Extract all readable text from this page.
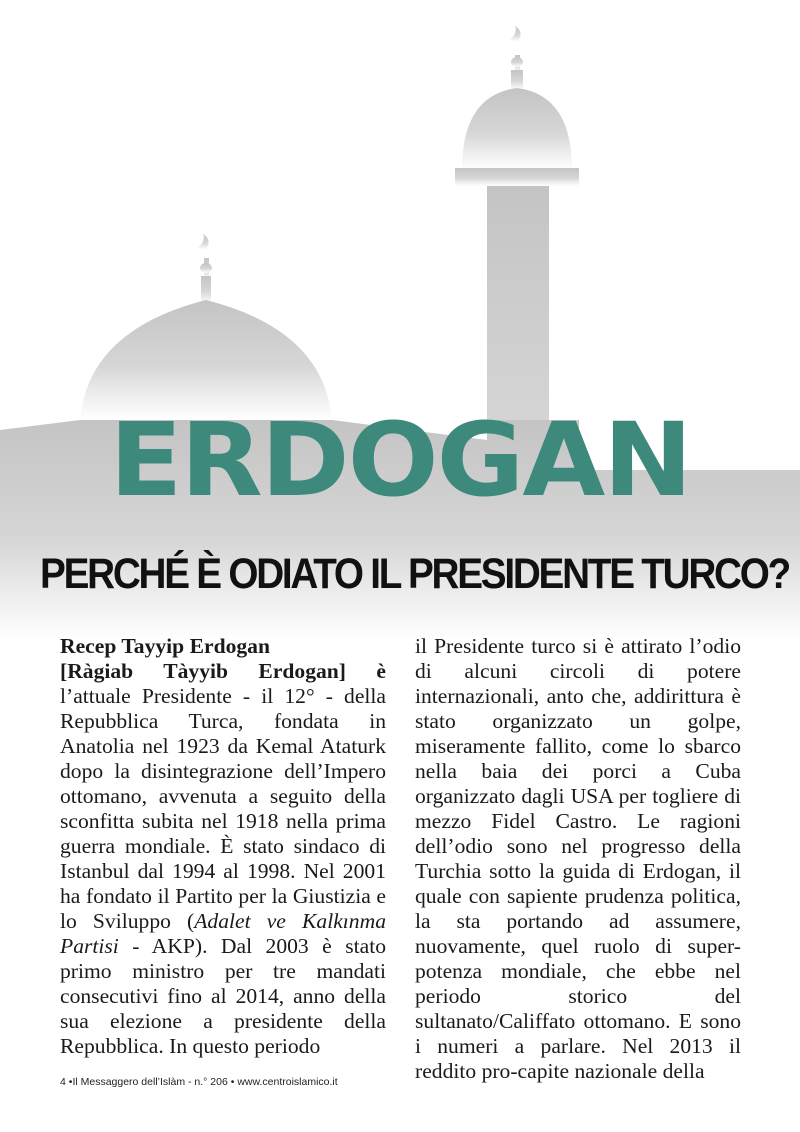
ERDOGAN
PERCHÉ È ODIATO IL PRESIDENTE TURCO?

Recep Tayyip Erdogan
[Ràgiab Tàyyib Erdogan] è l’attuale Presidente - il 12° - della Repubblica Turca, fondata in Anatolia nel 1923 da Kemal Ataturk dopo la disintegrazione dell’Impero ottomano, avvenuta a seguito della sconfitta subita nel 1918 nella prima guerra mondiale. È stato sindaco di Istanbul dal 1994 al 1998. Nel 2001 ha fondato il Partito per la Giustizia e lo Sviluppo (Adalet ve Kalkınma Partisi - AKP). Dal 2003 è stato primo ministro per tre mandati consecutivi fino al 2014, anno della sua elezione a presidente della Repubblica. In questo periodo

il Presidente turco si è attirato l’odio di alcuni circoli di potere internazionali, anto che, addirittura è stato organizzato un golpe, miseramente fallito, come lo sbarco nella baia dei porci a Cuba organizzato dagli USA per togliere di mezzo Fidel Castro. Le ragioni dell’odio sono nel progresso della Turchia sotto la guida di Erdogan, il quale con sapiente prudenza politica, la sta portando ad assumere, nuovamente, quel ruolo di super-potenza mondiale, che ebbe nel periodo storico del sultanato/Califfato ottomano. E sono i numeri a parlare. Nel 2013 il reddito pro-capite nazionale della

4 •Il Messaggero dell’Islàm - n.° 206 • www.centroislamico.it
